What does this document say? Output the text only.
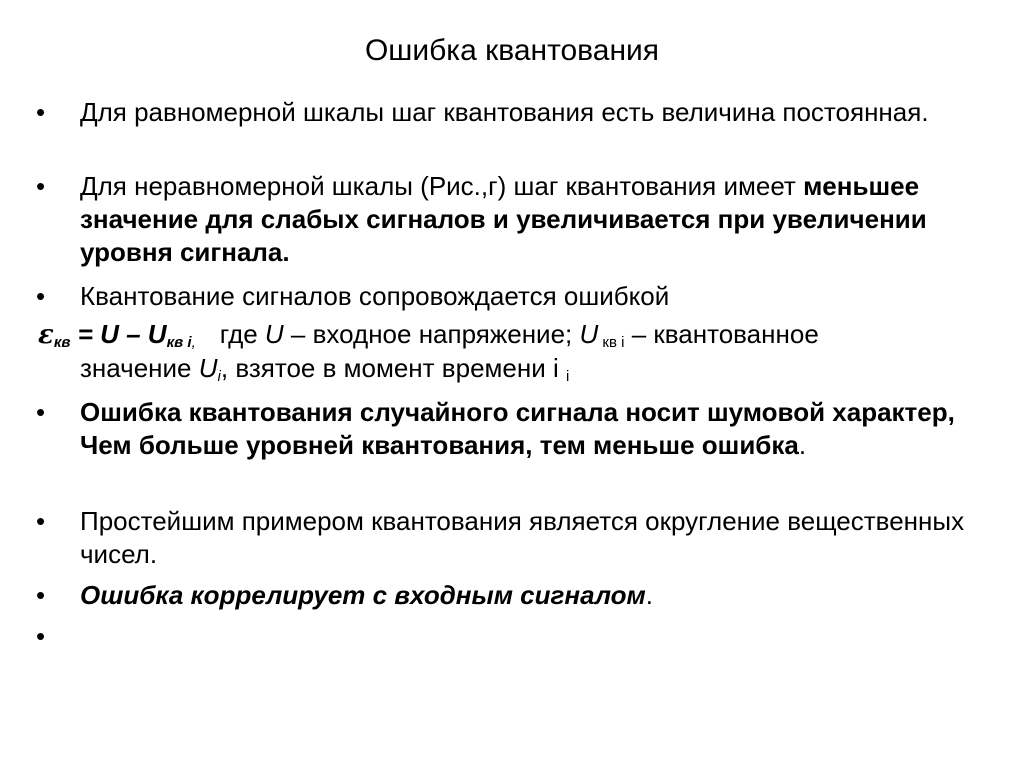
Ошибка квантования
• Для равномерной шкалы шаг квантования есть величина постоянная.
• Для неравномерной шкалы (Рис.,г) шаг квантования имеет меньшее значение для слабых сигналов и увеличивается при увеличении уровня сигнала.
• Квантование сигналов сопровождается ошибкой
$\varepsilon_{кв} = U - U_{кв i,}$ где U – входное напряжение; U $_{кв i}$ – квантованное
значение $U_i$, взятое в момент времени i $_i$
• Ошибка квантования случайного сигнала носит шумовой характер, Чем больше уровней квантования, тем меньше ошибка.
• Простейшим примером квантования является округление вещественных чисел.
• Ошибка коррелирует с входным сигналом.
•
